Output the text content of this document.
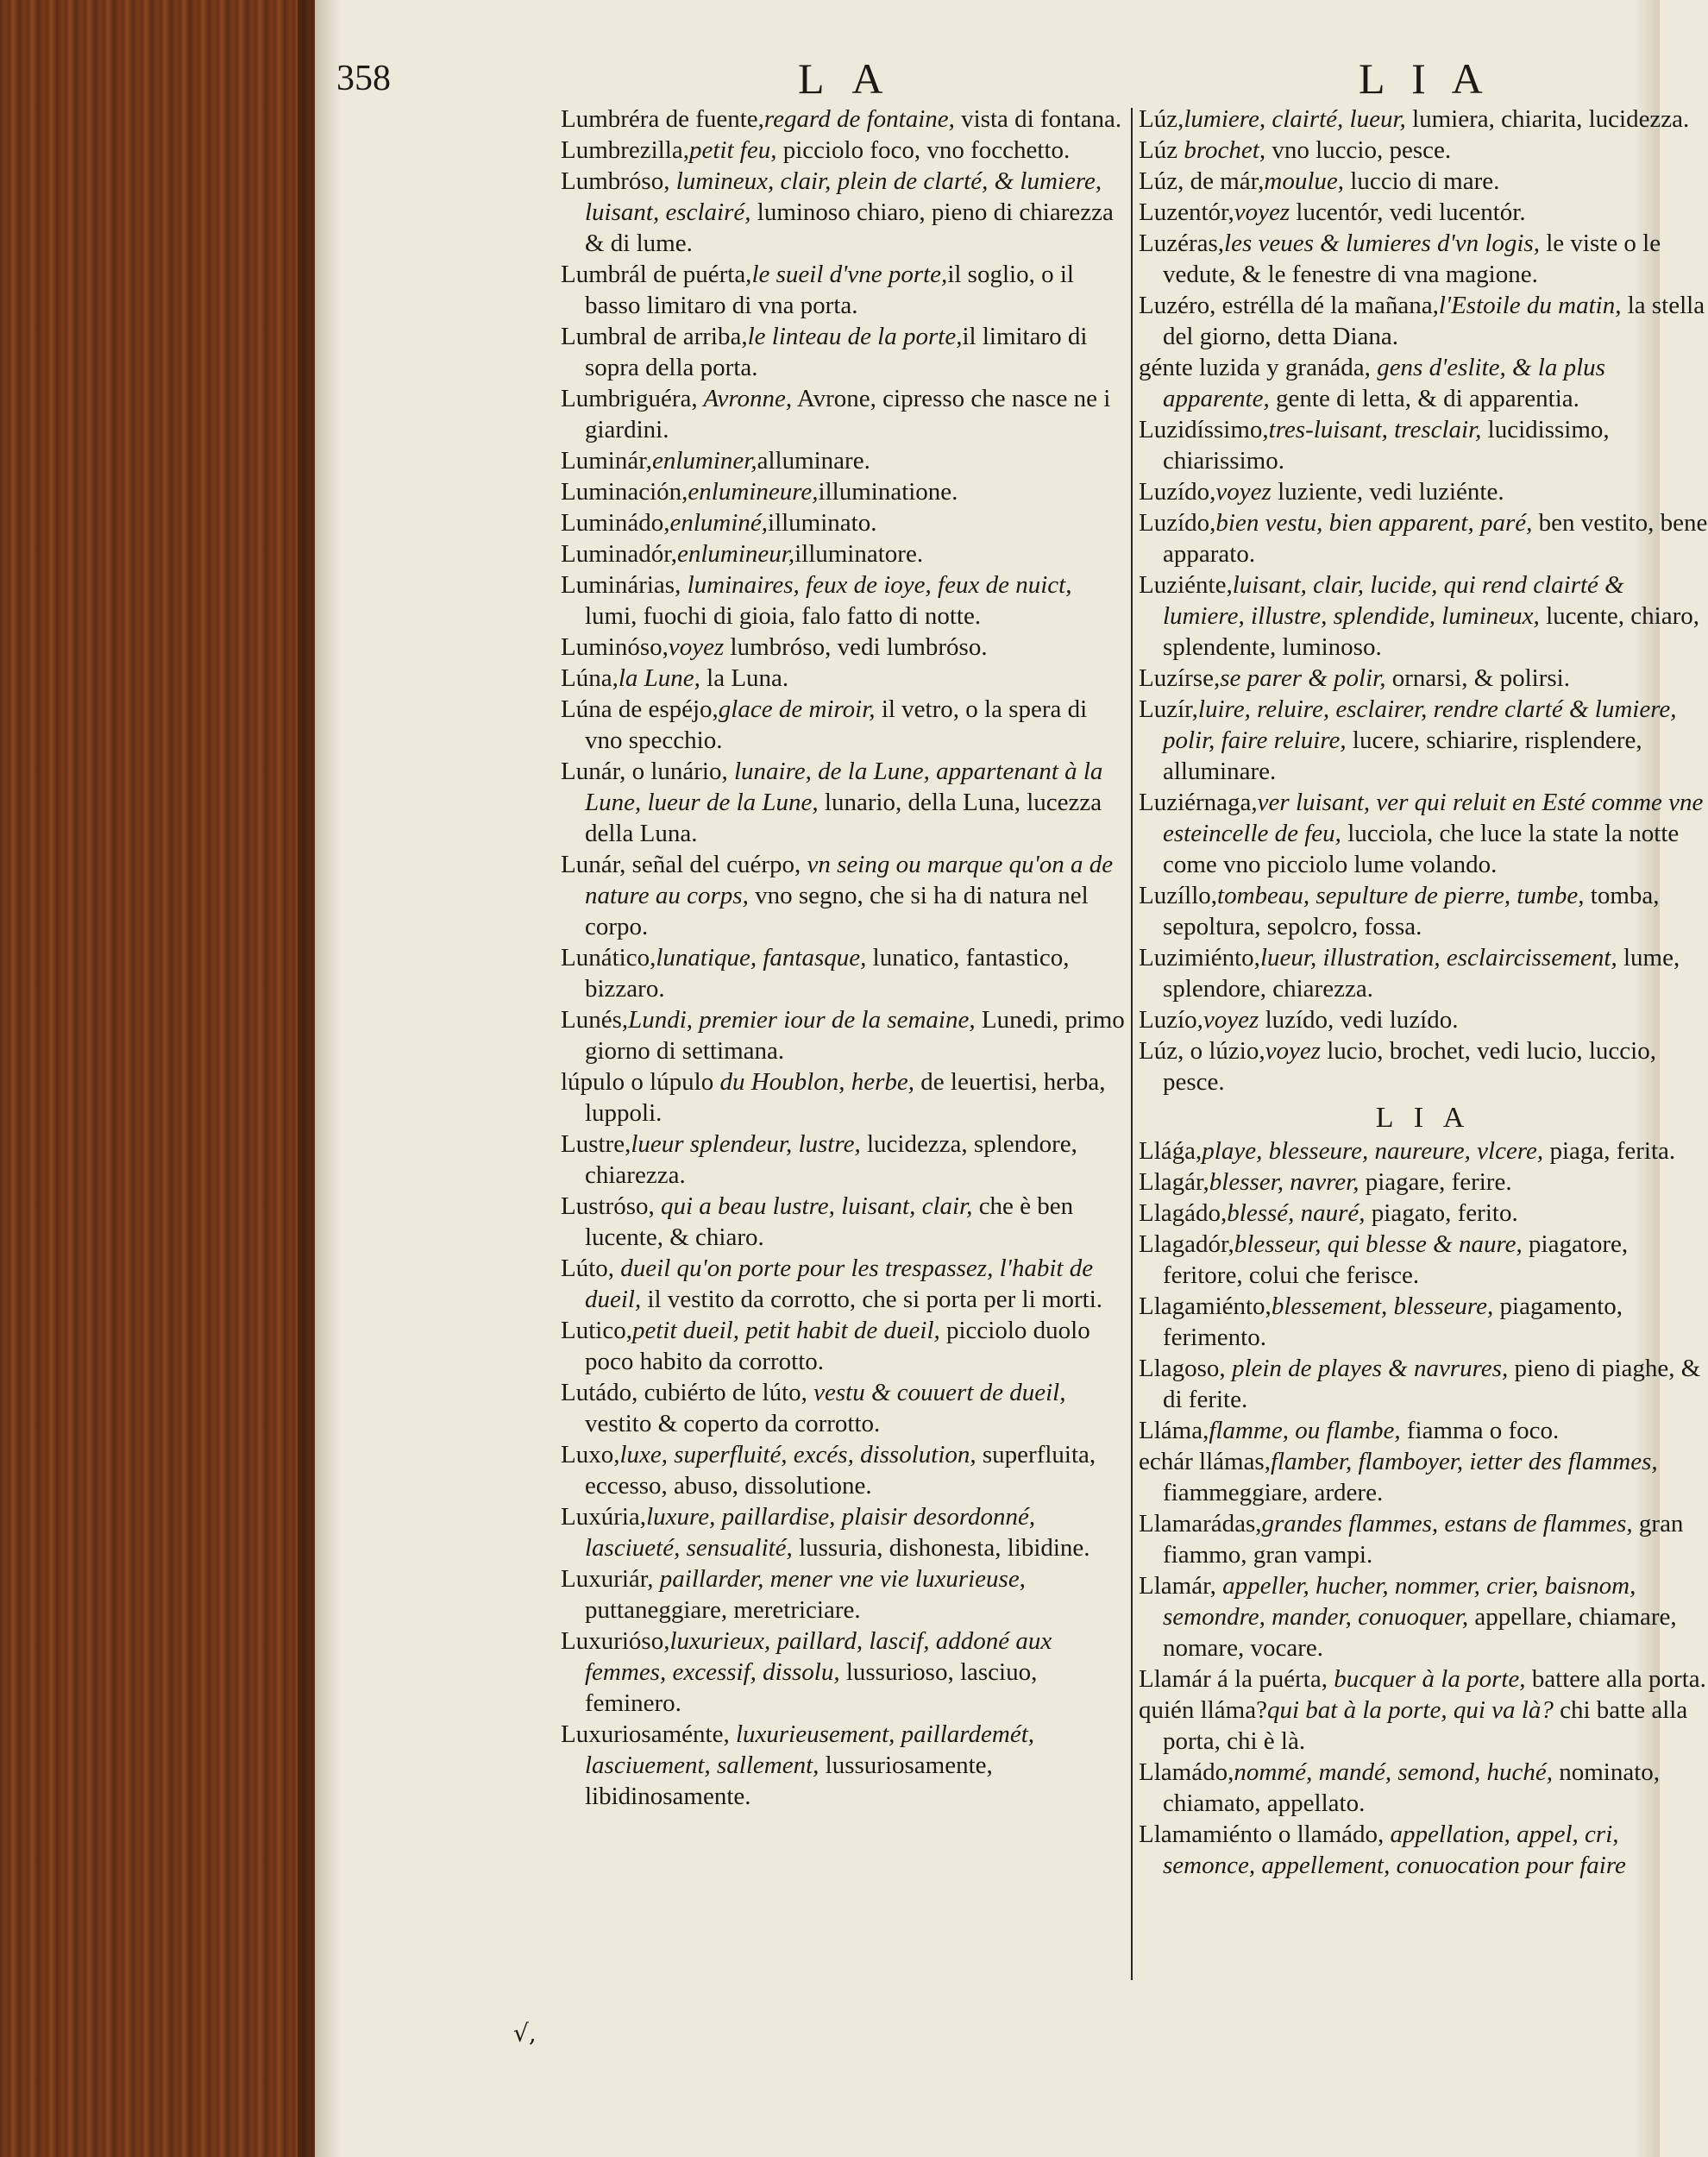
358	L A	L I A

Lumbréra de fuente,regard de fontaine, vista di fontana.

Lumbrezilla,petit feu, picciolo foco, vno focchetto.

Lumbróso, lumineux, clair, plein de clarté, & lumiere, luisant, esclairé, luminoso chiaro, pieno di chiarezza & di lume.

Lumbrál de puérta,le sueil d'vne porte,il soglio, o il basso limitaro di vna porta.

Lumbral de arriba,le linteau de la porte,il limitaro di sopra della porta.

Lumbriguéra, Avronne, Avrone, cipresso che nasce ne i giardini.

Luminár,enluminer,alluminare.

Luminación,enlumineure,illuminatione.

Luminádo,enluminé,illuminato.

Luminadór,enlumineur,illuminatore.

Luminárias, luminaires, feux de ioye, feux de nuict, lumi, fuochi di gioia, falo fatto di notte.

Luminóso,voyez lumbróso, vedi lumbróso.

Lúna,la Lune, la Luna.

Lúna de espéjo,glace de miroir, il vetro, o la spera di vno specchio.

Lunár, o lunário, lunaire, de la Lune, appartenant à la Lune, lueur de la Lune, lunario, della Luna, lucezza della Luna.

Lunár, señal del cuérpo, vn seing ou marque qu'on a de nature au corps, vno segno, che si ha di natura nel corpo.

Lunático,lunatique, fantasque, lunatico, fantastico, bizzaro.

Lunés,Lundi, premier iour de la semaine, Lunedi, primo giorno di settimana.

lúpulo o lúpulo du Houblon, herbe, de leuertisi, herba, luppoli.

Lustre,lueur splendeur, lustre, lucidezza, splendore, chiarezza.

Lustróso, qui a beau lustre, luisant, clair, che è ben lucente, & chiaro.

Lúto, dueil qu'on porte pour les trespassez, l'habit de dueil, il vestito da corrotto, che si porta per li morti.

Lutico,petit dueil, petit habit de dueil, picciolo duolo poco habito da corrotto.

Lutádo, cubiérto de lúto, vestu & couuert de dueil, vestito & coperto da corrotto.

Luxo,luxe, superfluité, excés, dissolution, superfluita, eccesso, abuso, dissolutione.

Luxúria,luxure, paillardise, plaisir desordonné, lasciueté, sensualité, lussuria, dishonesta, libidine.

Luxuriár, paillarder, mener vne vie luxurieuse, puttaneggiare, meretriciare.

Luxurióso,luxurieux, paillard, lascif, addoné aux femmes, excessif, dissolu, lussurioso, lasciuo, feminero.

Luxuriosaménte, luxurieusement, paillardemét, lasciuement, sallement, lussuriosamente, libidinosamente.

Lúz,lumiere, clairté, lueur, lumiera, chiarita, lucidezza.

Lúz brochet, vno luccio, pesce.

Lúz, de már,moulue, luccio di mare.

Luzentór,voyez lucentór, vedi lucentór.

Luzéras,les veues & lumieres d'vn logis, le viste o le vedute, & le fenestre di vna magione.

Luzéro, estrélla dé la mañana,l'Estoile du matin, la stella del giorno, detta Diana.

génte luzida y granáda, gens d'eslite, & la plus apparente, gente di letta, & di apparentia.

Luzidíssimo,tres-luisant, tresclair, lucidissimo, chiarissimo.

Luzído,voyez luziente, vedi luziénte.

Luzído,bien vestu, bien apparent, paré, ben vestito, bene apparato.

Luziénte,luisant, clair, lucide, qui rend clairté & lumiere, illustre, splendide, lumineux, lucente, chiaro, splendente, luminoso.

Luzírse,se parer & polir, ornarsi, & polirsi.

Luzír,luire, reluire, esclairer, rendre clarté & lumiere, polir, faire reluire, lucere, schiarire, risplendere, alluminare.

Luziérnaga,ver luisant, ver qui reluit en Esté comme vne esteincelle de feu, lucciola, che luce la state la notte come vno picciolo lume volando.

Luzíllo,tombeau, sepulture de pierre, tumbe, tomba, sepoltura, sepolcro, fossa.

Luzimiénto,lueur, illustration, esclaircissement, lume, splendore, chiarezza.

Luzío,voyez luzído, vedi luzído.

Lúz, o lúzio,voyez lucio, brochet, vedi lucio, luccio, pesce.

L I A

Lláǵa,playe, blesseure, naureure, vlcere, piaga, ferita.

Llagár,blesser, navrer, piagare, ferire.

Llagádo,blessé, nauré, piagato, ferito.

Llagadór,blesseur, qui blesse & naure, piagatore, feritore, colui che ferisce.

Llagamiénto,blessement, blesseure, piagamento, ferimento.

Llagoso, plein de playes & navrures, pieno di piaghe, & di ferite.

Lláma,flamme, ou flambe, fiamma o foco.

echár llámas,flamber, flamboyer, ietter des flammes, fiammeggiare, ardere.

Llamarádas,grandes flammes, estans de flammes, gran fiammo, gran vampi.

Llamár, appeller, hucher, nommer, crier, baisnom, semondre, mander, conuoquer, appellare, chiamare, nomare, vocare.

Llamár á la puérta, bucquer à la porte, battere alla porta.

quién lláma?qui bat à la porte, qui va là? chi batte alla porta, chi è là.

Llamádo,nommé, mandé, semond, huché, nominato, chiamato, appellato.

Llamamiénto o llamádo, appellation, appel, cri, semonce, appellement, conuocation pour faire

√,
